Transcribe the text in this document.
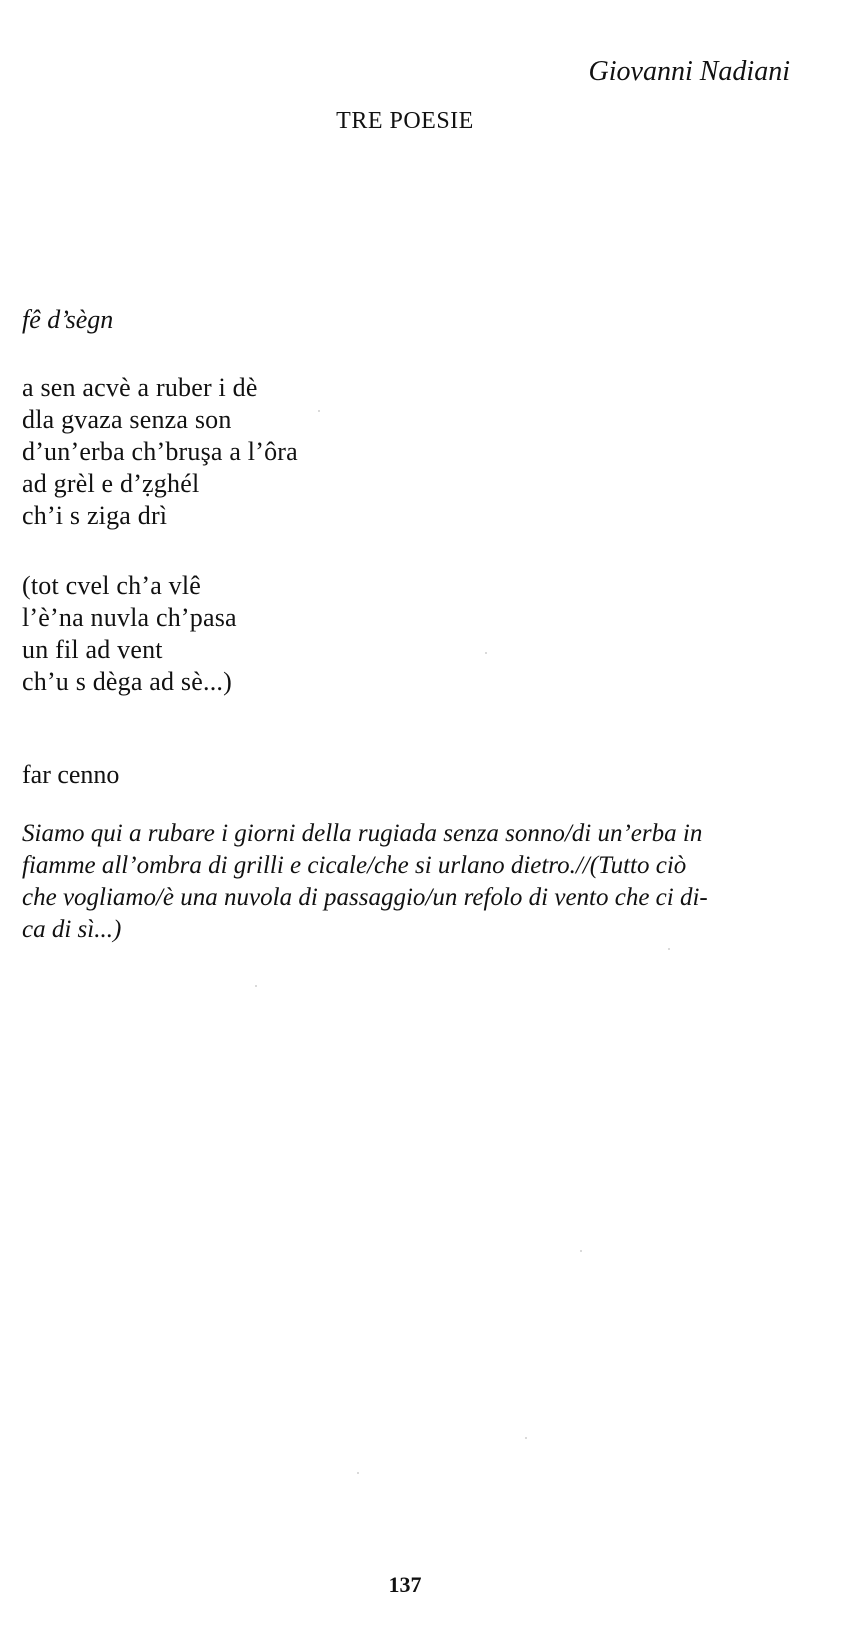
Giovanni Nadiani
TRE POESIE
fê d’sègn
a sen acvè a ruber i dè
dla gvaza senza son
d’un’erba ch’bruşa a l’ôra
ad grèl e d’ẓghél
ch’i s ziga drì
(tot cvel ch’a vlê
l’è’na nuvla ch’pasa
un fil ad vent
ch’u s dèga ad sè...)
far cenno
Siamo qui a rubare i giorni della rugiada senza sonno/di un’erba in
fiamme all’ombra di grilli e cicale/che si urlano dietro.//(Tutto ciò
che vogliamo/è una nuvola di passaggio/un refolo di vento che ci di-
ca di sì...)
137
